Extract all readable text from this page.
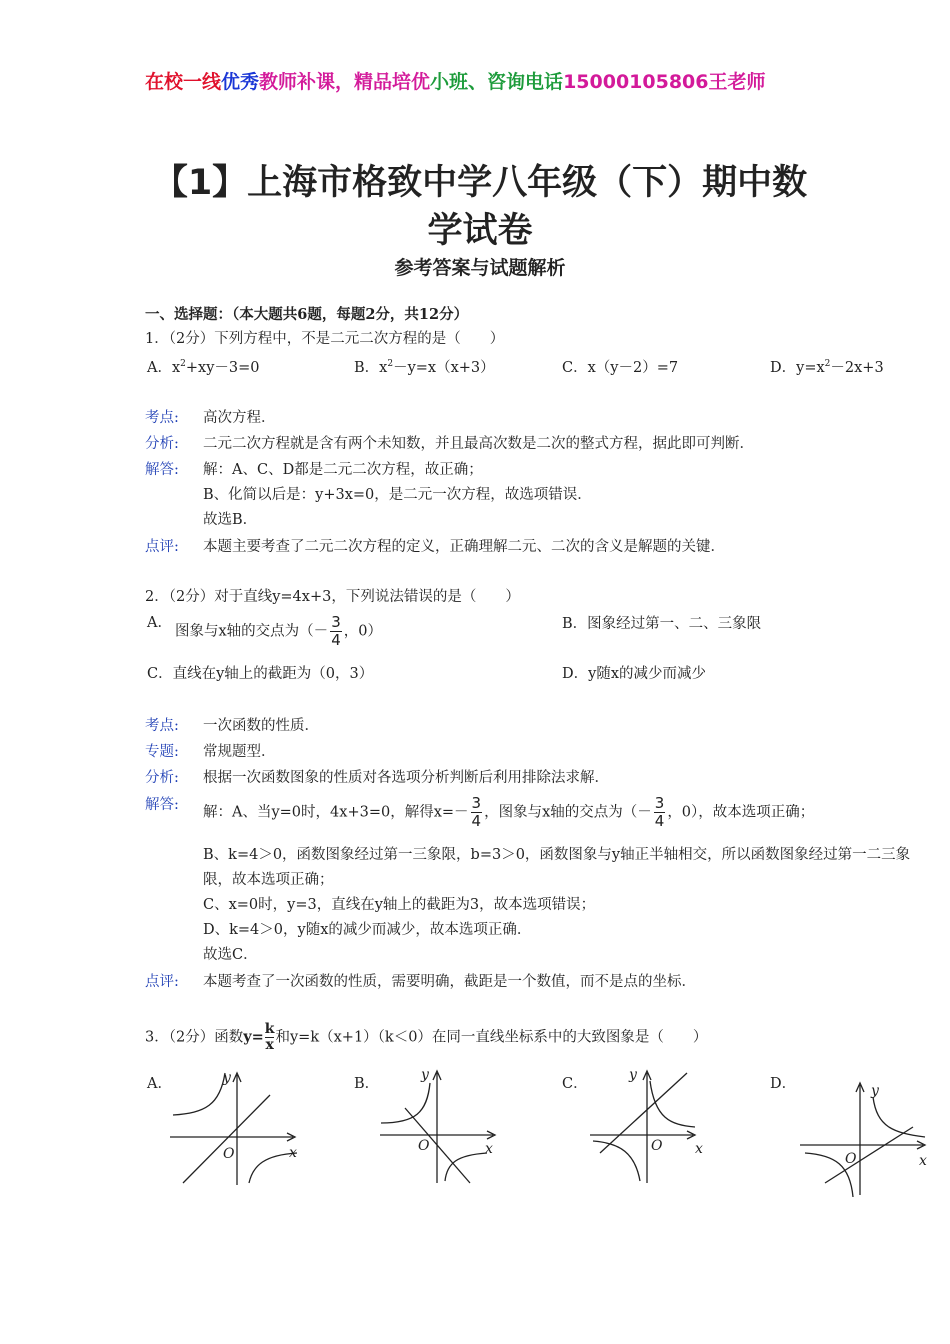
在校一线优秀教师补课，精品培优小班、咨询电话15000105806王老师
【1】上海市格致中学八年级（下）期中数
学试卷
参考答案与试题解析
一、选择题：（本大题共6题，每题2分，共12分）
1．（2分）下列方程中，不是二元二次方程的是（　　）
A．$x^2+xy-3=0$	B．$x^2-y=x(x+3)$	C．x（y－2）=7	D．$y=x^2-2x+3$
考点: 高次方程．
分析: 二元二次方程就是含有两个未知数，并且最高次数是二次的整式方程，据此即可判断．
解答: 解：A、C、D都是二元二次方程，故正确；
B、化简以后是：y+3x=0，是二元一次方程，故选项错误．
故选B．
点评: 本题主要考查了二元二次方程的定义，正确理解二元、二次的含义是解题的关键．
2．（2分）对于直线y=4x+3，下列说法错误的是（　　）
A．
图象与x轴的交点为（－ $\frac{3}{4}$ ，0）	B．图象经过第一、二、三象限
C．直线在y轴上的截距为（0，3）	D．y随x的减少而减少
考点: 一次函数的性质．
专题: 常规题型．
分析: 根据一次函数图象的性质对各选项分析判断后利用排除法求解．
解答: 解：A、当y=0时，4x+3=0，解得$x=- \frac{3}{4}$ ，图象与x轴的交点为（－ $\frac{3}{4}$ ，0），故本选项正确；
B、k=4＞0，函数图象经过第一三象限，b=3＞0，函数图象与y轴正半轴相交，所以函数图象经过第一二三象
限，故本选项正确；
C、x=0时，y=3，直线在y轴上的截距为3，故本选项错误；
D、k=4＞0，y随x的减少而减少，故本选项正确．
故选C．
点评: 本题考查了一次函数的性质，需要明确，截距是一个数值，而不是点的坐标．
3．（2分）函数$y= \frac{k}{x}$ 和y=k（x+1）（k＜0）在同一直线坐标系中的大致图象是（　　）
A．	B．	C．	D．
O	x
y
O	x
y
O x
y
O	x
y
